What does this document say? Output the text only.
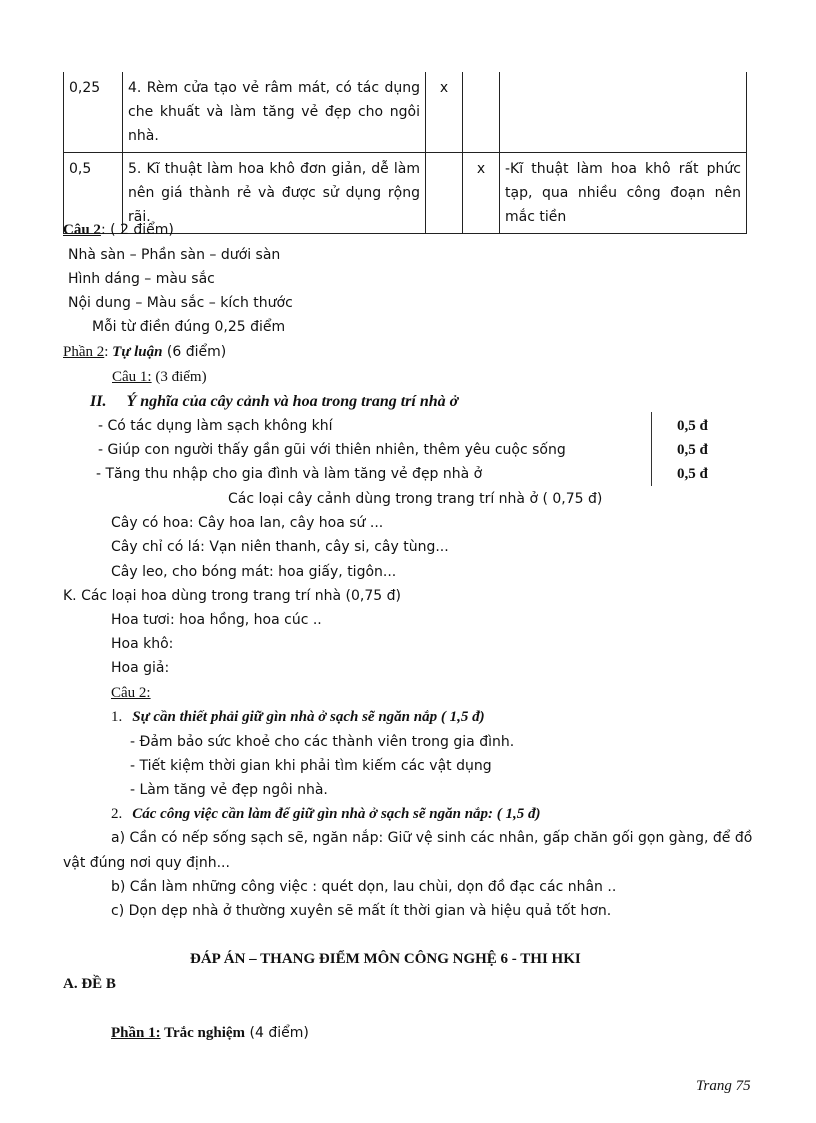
0,25	4. Rèm cửa tạo vẻ râm mát, có tác dụng che khuất và làm tăng vẻ đẹp cho ngôi nhà.	x		
0,5	5. Kĩ thuật làm hoa khô đơn giản, dễ làm nên giá thành rẻ và được sử dụng rộng rãi.		x	-Kĩ thuật làm hoa khô rất phức tạp, qua nhiều công đoạn nên mắc tiền
Câu 2: ( 2 điểm)
Nhà sàn – Phần sàn – dưới sàn
Hình dáng – màu sắc
Nội dung – Màu sắc – kích thước
Mỗi từ điền đúng 0,25 điểm
Phần 2: Tự luận (6 điểm)
Câu 1: (3 điểm)
II. Ý nghĩa của cây cảnh và hoa trong trang trí nhà ở
- Có tác dụng làm sạch không khí	0,5 đ
- Giúp con người thấy gần gũi với thiên nhiên, thêm yêu cuộc sống	0,5 đ
- Tăng thu nhập cho gia đình và làm tăng vẻ đẹp nhà ở	0,5 đ
Các loại cây cảnh dùng trong trang trí nhà ở ( 0,75 đ)
Cây có hoa: Cây hoa lan, cây hoa sứ ...
Cây chỉ có lá: Vạn niên thanh, cây si, cây tùng...
Cây leo, cho bóng mát: hoa giấy, tigôn...
K. Các loại hoa dùng trong trang trí nhà (0,75 đ)
Hoa tươi: hoa hồng, hoa cúc ..
Hoa khô:
Hoa giả:
Câu 2:
1. Sự cần thiết phải giữ gìn nhà ở sạch sẽ ngăn nắp ( 1,5 đ)
- Đảm bảo sức khoẻ cho các thành viên trong gia đình.
- Tiết kiệm thời gian khi phải tìm kiếm các vật dụng
- Làm tăng vẻ đẹp ngôi nhà.
2. Các công việc cần làm để giữ gìn nhà ở sạch sẽ ngăn nắp: ( 1,5 đ)
a) Cần có nếp sống sạch sẽ, ngăn nắp: Giữ vệ sinh các nhân, gấp chăn gối gọn gàng, để đồ
vật đúng nơi quy định...
b) Cần làm những công việc : quét dọn, lau chùi, dọn đồ đạc các nhân ..
c) Dọn dẹp nhà ở thường xuyên sẽ mất ít thời gian và hiệu quả tốt hơn.
ĐÁP ÁN – THANG ĐIỂM MÔN CÔNG NGHỆ 6 - THI HKI
A. ĐỀ B
Phần 1: Trắc nghiệm (4 điểm)
Trang 75
